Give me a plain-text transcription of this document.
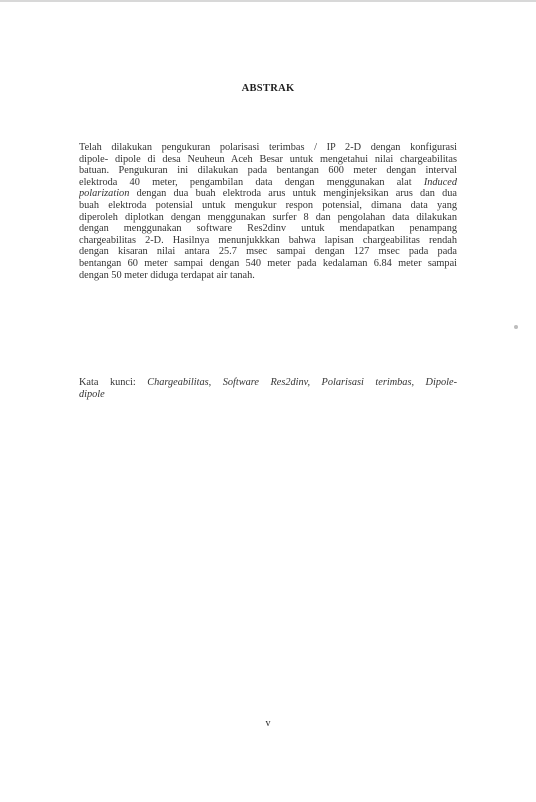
ABSTRAK

Telah dilakukan pengukuran polarisasi terimbas / IP 2-D dengan konfigurasi
dipole- dipole di desa Neuheun Aceh Besar untuk mengetahui nilai chargeabilitas
batuan. Pengukuran ini dilakukan pada bentangan 600 meter dengan interval
elektroda 40 meter, pengambilan data dengan menggunakan alat Induced
polarization dengan dua buah elektroda arus untuk menginjeksikan arus dan dua
buah elektroda potensial untuk mengukur respon potensial, dimana data yang
diperoleh diplotkan dengan menggunakan surfer 8 dan pengolahan data dilakukan
dengan menggunakan software Res2dinv untuk mendapatkan penampang
chargeabilitas 2-D. Hasilnya menunjukkkan bahwa lapisan chargeabilitas rendah
dengan kisaran nilai antara 25.7 msec sampai dengan 127 msec pada pada
bentangan 60 meter sampai dengan 540 meter pada kedalaman 6.84 meter sampai
dengan 50 meter diduga terdapat air tanah.

Kata kunci: Chargeabilitas, Software Res2dinv, Polarisasi terimbas, Dipole-
dipole
v
